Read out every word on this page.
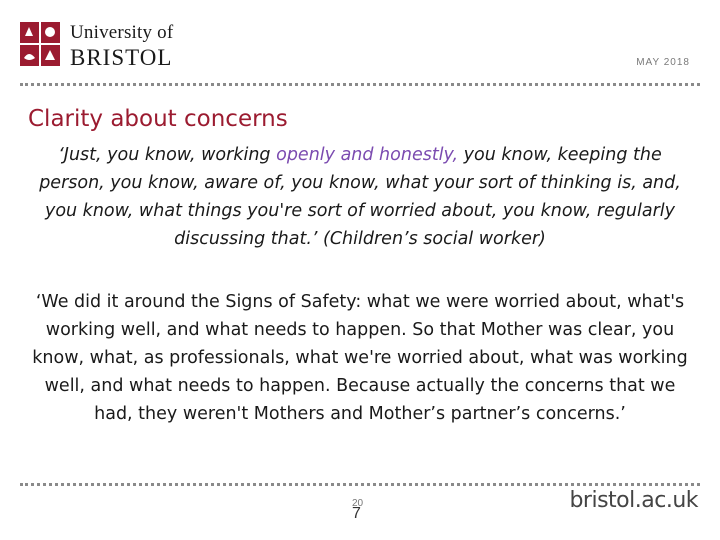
University of
BRISTOL	MAY 2018
Clarity about concerns
‘Just, you know, working openly and honestly, you know, keeping the person, you know, aware of, you know, what your sort of thinking is, and, you know, what things you're sort of worried about, you know, regularly discussing that.’ (Children’s social worker)
‘We did it around the Signs of Safety: what we were worried about, what's working well, and what needs to happen. So that Mother was clear, you know, what, as professionals, what we're worried about, what was working well, and what needs to happen. Because actually the concerns that we had, they weren't Mothers and Mother’s partner’s concerns.’
20
7
bristol.ac.uk
